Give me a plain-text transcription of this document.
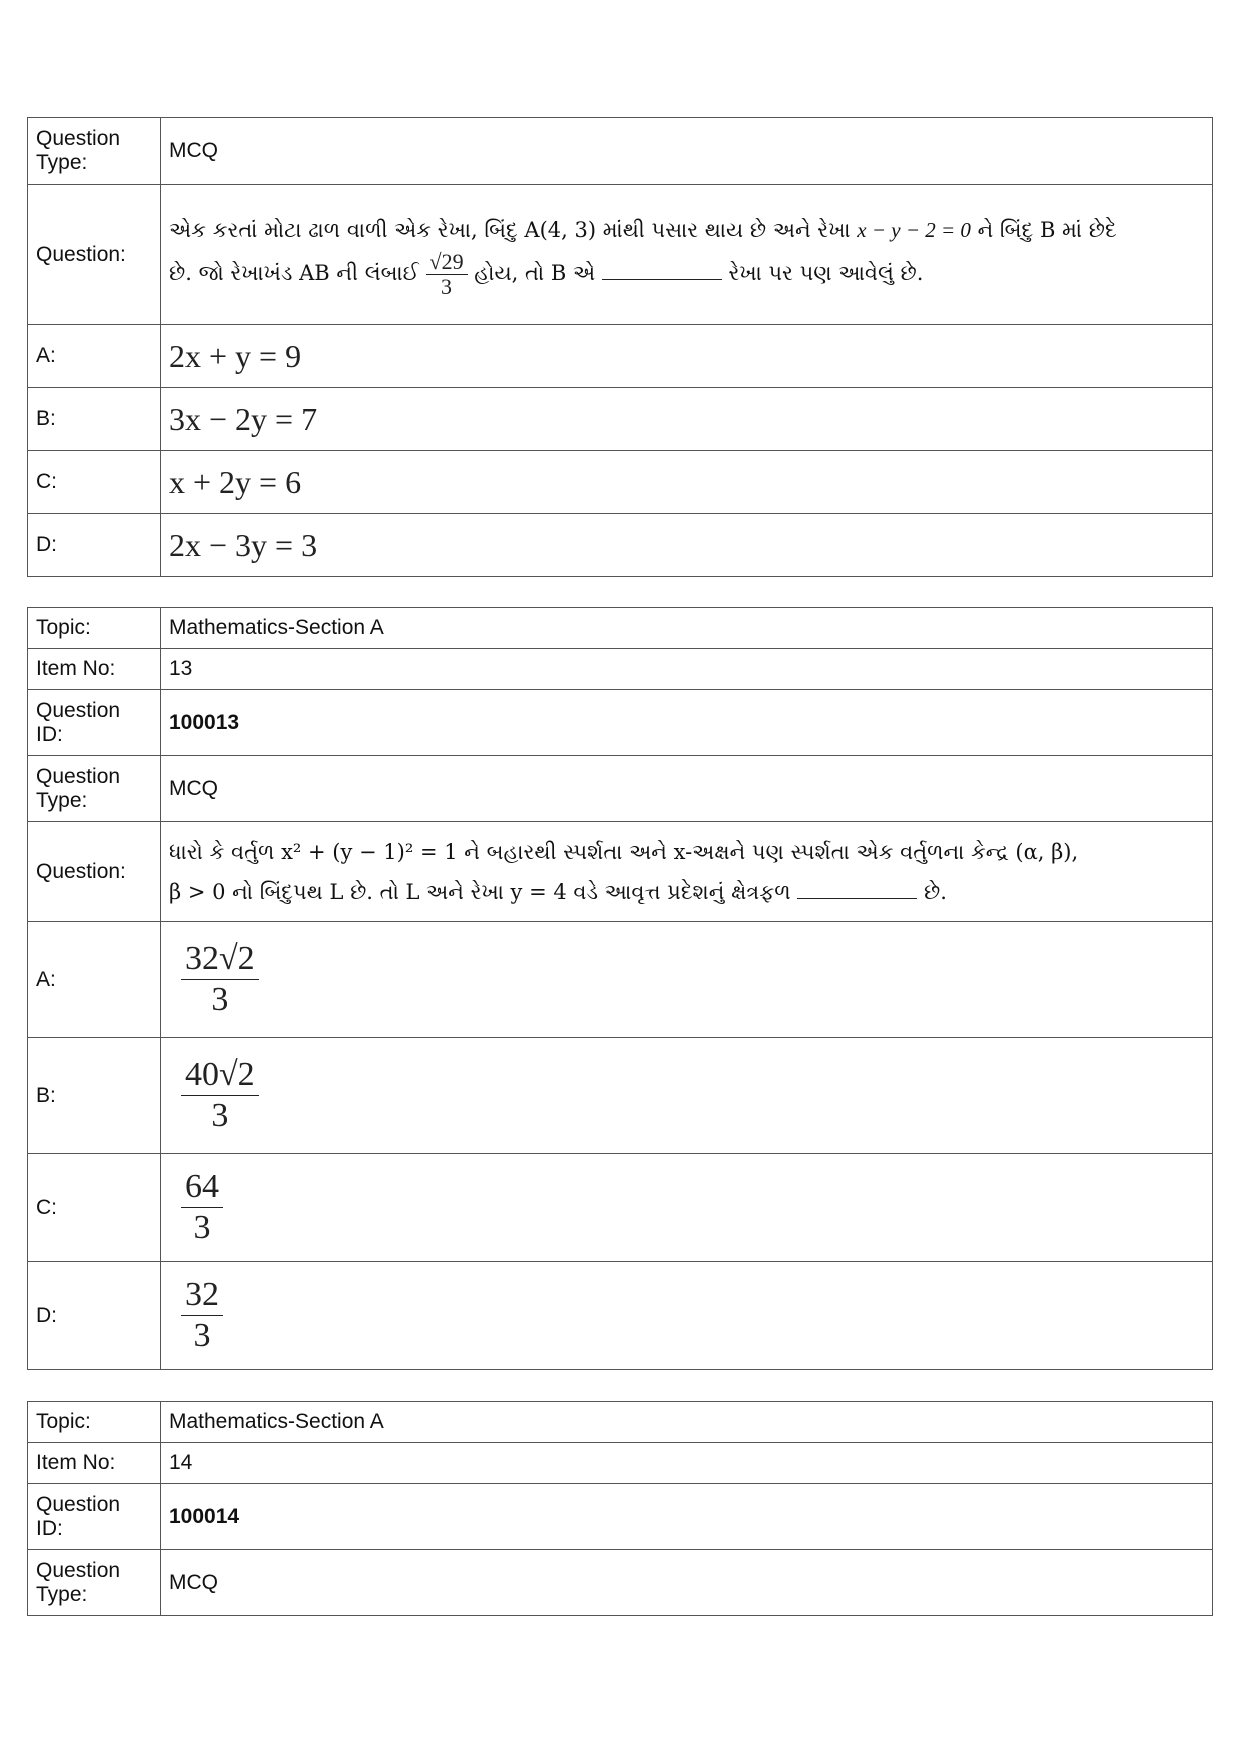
Question Type:	MCQ
Question:	એક કરતાં મોટા ઢાળ વાળી એક રેખા, બિંદુ A(4, 3) માંથી પસાર થાય છે અને રેખા x − y − 2 = 0 ને બિંદુ B માં છેદે
છે. જો રેખાખંડ AB ની લંબાઈ $\frac{√29}{3}$ હોય, તો B એ રેખા પર પણ આવેલું છે.

A:	2x + y = 9
B:	3x − 2y = 7
C:	x + 2y = 6
D:	2x − 3y = 3
Topic:	Mathematics-Section A
Item No:	13
Question ID:	100013
Question Type:	MCQ
Question:	ધારો કે વર્તુળ x² + (y − 1)² = 1 ને બહારથી સ્પર્શતા અને x-અક્ષને પણ સ્પર્શતા એક વર્તુળના કેન્દ્ર (α, β),
β > 0 નો બિંદુપથ L છે. તો L અને રેખા y = 4 વડે આવૃત્ત પ્રદેશનું ક્ષેત્રફળ છે.

A:	$\frac{32√2}{3}$

B:	$\frac{40√2}{3}$

C:	$\frac{64}{3}$

D:	$\frac{32}{3}$
Topic:	Mathematics-Section A
Item No:	14
Question ID:	100014
Question Type:	MCQ
